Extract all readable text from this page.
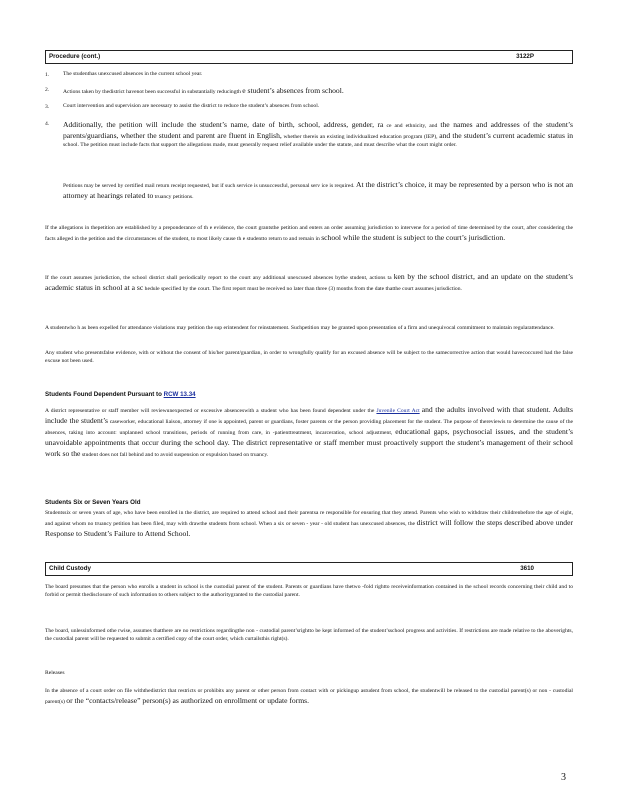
Procedure (cont.)	3122P
1. The studenthas unexcused absences in the current school year.
2. Actions taken by thedistrict havenot been successful in substantially reducingth e student’s absences from school.
3. Court intervention and supervision are necessary to assist the district to reduce the student’s absences from school.
4. Additionally, the petition will include the student’s name, date of birth, school, address, gender, ra ce and ethnicity, and the names and addresses of the student’s parents/guardians, whether the student and parent are fluent in English, whether thereis an existing individualized education program (IEP), and the student’s current academic status in school. The petition must include facts that support the allegations made, must generally request relief available under the statute, and must describe what the court might order.

Petitions may be served by certified mail return receipt requested, but if such service is unsuccessful, personal serv ice is required. At the district’s choice, it may be represented by a person who is not an attorney at hearings related to truancy petitions.

If the allegations in thepetition are established by a preponderance of th e evidence, the court grantsthe petition and enters an order assuming jurisdiction to intervene for a period of time determined by the court, after considering the facts alleged in the petition and the circumstances of the student, to most likely cause th e studentto return to and remain in school while the student is subject to the court’s jurisdiction.

If the court assumes jurisdiction, the school district shall periodically report to the court any additional unexcused absences bythe student, actions ta ken by the school district, and an update on the student’s academic status in school at a sc hedule specified by the court. The first report must be received no later than three (3) months from the date thatthe court assumes jurisdiction.

A studentwho h as been expelled for attendance violations may petition the sup erintendent for reinstatement. Suchpetition may be granted upon presentation of a firm and unequivocal commitment to maintain regularattendance.

Any student who presentsfalse evidence, with or without the consent of his/her parent/guardian, in order to wrongfully qualify for an excused absence will be subject to the samecorrective action that would havecoccured had the false excuse not been used.

Students Found Dependent Pursuant to RCW 13.34

A district representative or staff member will reviewunexpected or excessive absenceswith a student who has been found dependent under the Juvenile Court Act and the adults involved with that student. Adults include the student’s caseworker, educational liaison, attorney if one is appointed, parent or guardians, foster parents or the person providing placement for the student. The purpose of thereviewis to determine the cause of the absences, taking into account: unplanned school transitions, periods of running from care, in -patienttreatment, incarceration, school adjustment, educational gaps, psychosocial issues, and the student’s unavoidable appointments that occur during the school day. The district representative or staff member must proactively support the student’s management of their school work so the student does not fall behind and to avoid suspension or expulsion based on truancy.

Students Six or Seven Years Old

Studentssix or seven years of age, who have been enrolled in the district, are required to attend school and their parentsa re responsible for ensuring that they attend. Parents who wish to withdraw their childrenbefore the age of eight, and against whom no truancy petition has been filed, may with drawthe students from school. When a six or seven - year - old student has unexcused absences, the district will follow the steps described above under Response to Student’s Failure to Attend School.

Child Custody	3610

The board presumes that the person who enrolls a student in school is the custodial parent of the student. Parents or guardians have thetwo -fold rightto receiveinformation contained in the school records concerning their child and to forbid or permit thedisclosure of such information to others subject to the authoritygranted to the custodial parent.

The board, unlessinformed othe rwise, assumes thatthere are no restrictions regardingthe non - custodial parent’srightto be kept informed of the student’sschool progress and activities. If restrictions are made relative to the aboverights, the custodial parent will be requested to submit a certified copy of the court order, which curtailsthis right(s).

Releases

In the absence of a court order on file withthedistrict that restricts or prohibits any parent or other person from contact with or pickingup astudent from school, the studentwill be released to the custodial parent(s) or non - custodial parent(s) or the “contacts/release” person(s) as authorized on enrollment or update forms.

3
